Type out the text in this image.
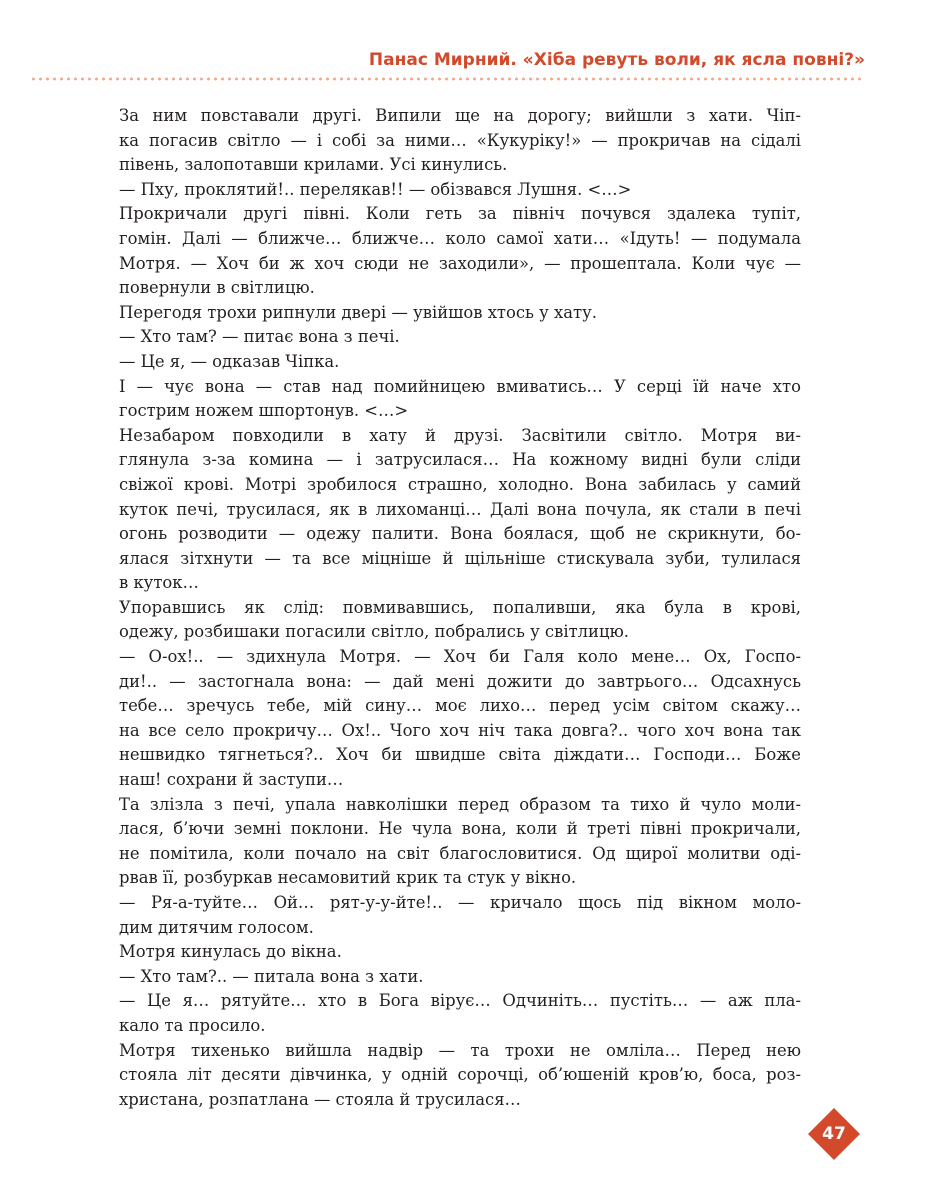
Панас Мирний. «Хіба ревуть воли, як ясла повні?»
За ним повставали другі. Випили ще на дорогу; вийшли з хати. Чіп-
ка погасив світло — і собі за ними… «Кукуріку!» — прокричав на сідалі
півень, залопотавши крилами. Усі кинулись.
— Пху, проклятий!.. перелякав!! — обізвався Лушня. <…>
Прокричали другі півні. Коли геть за північ почувся здалека тупіт,
гомін. Далі — ближче… ближче… коло самої хати… «Ідуть! — подумала
Мотря. — Хоч би ж хоч сюди не заходили», — прошептала. Коли чує —
повернули в світлицю.
Перегодя трохи рипнули двері — увійшов хтось у хату.
— Хто там? — питає вона з печі.
— Це я, — одказав Чіпка.
І — чує вона — став над помийницею вмиватись… У серці їй наче хто
гострим ножем шпортонув. <…>
Незабаром повходили в хату й друзі. Засвітили світло. Мотря ви-
глянула з-за комина — і затрусилася… На кожному видні були сліди
свіжої крові. Мотрі зробилося страшно, холодно. Вона забилась у самий
куток печі, трусилася, як в лихоманці… Далі вона почула, як стали в печі
огонь розводити — одежу палити. Вона боялася, щоб не скрикнути, бо-
ялася зітхнути — та все міцніше й щільніше стискувала зуби, тулилася
в куток…
Упоравшись як слід: повмивавшись, попаливши, яка була в крові,
одежу, розбишаки погасили світло, побрались у світлицю.
— О-ох!.. — здихнула Мотря. — Хоч би Галя коло мене… Ох, Госпо-
ди!.. — застогнала вона: — дай мені дожити до завтрього… Одсахнусь
тебе… зречусь тебе, мій сину… моє лихо… перед усім світом скажу…
на все село прокричу… Ох!.. Чого хоч ніч така довга?.. чого хоч вона так
нешвидко тягнеться?.. Хоч би швидше світа діждати… Господи… Боже
наш! сохрани й заступи…
Та злізла з печі, упала навколішки перед образом та тихо й чуло моли-
лася, б’ючи земні поклони. Не чула вона, коли й треті півні прокричали,
не помітила, коли почало на світ благословитися. Од щирої молитви оді-
рвав її, розбуркав несамовитий крик та стук у вікно.
— Ря-а-туйте… Ой… рят-у-у-йте!.. — кричало щось під вікном молo-
дим дитячим голосом.
Мотря кинулась до вікна.
— Хто там?.. — питала вона з хати.
— Це я… рятуйте… хто в Бога вірує… Одчиніть… пустіть… — аж пла-
кало та просило.
Мотря тихенько вийшла надвір — та трохи не омліла… Перед нею
стояла літ десяти дівчинка, у одній сорочці, об’юшеній кров’ю, боса, роз-
христана, розпатлана — стояла й трусилася…
47
